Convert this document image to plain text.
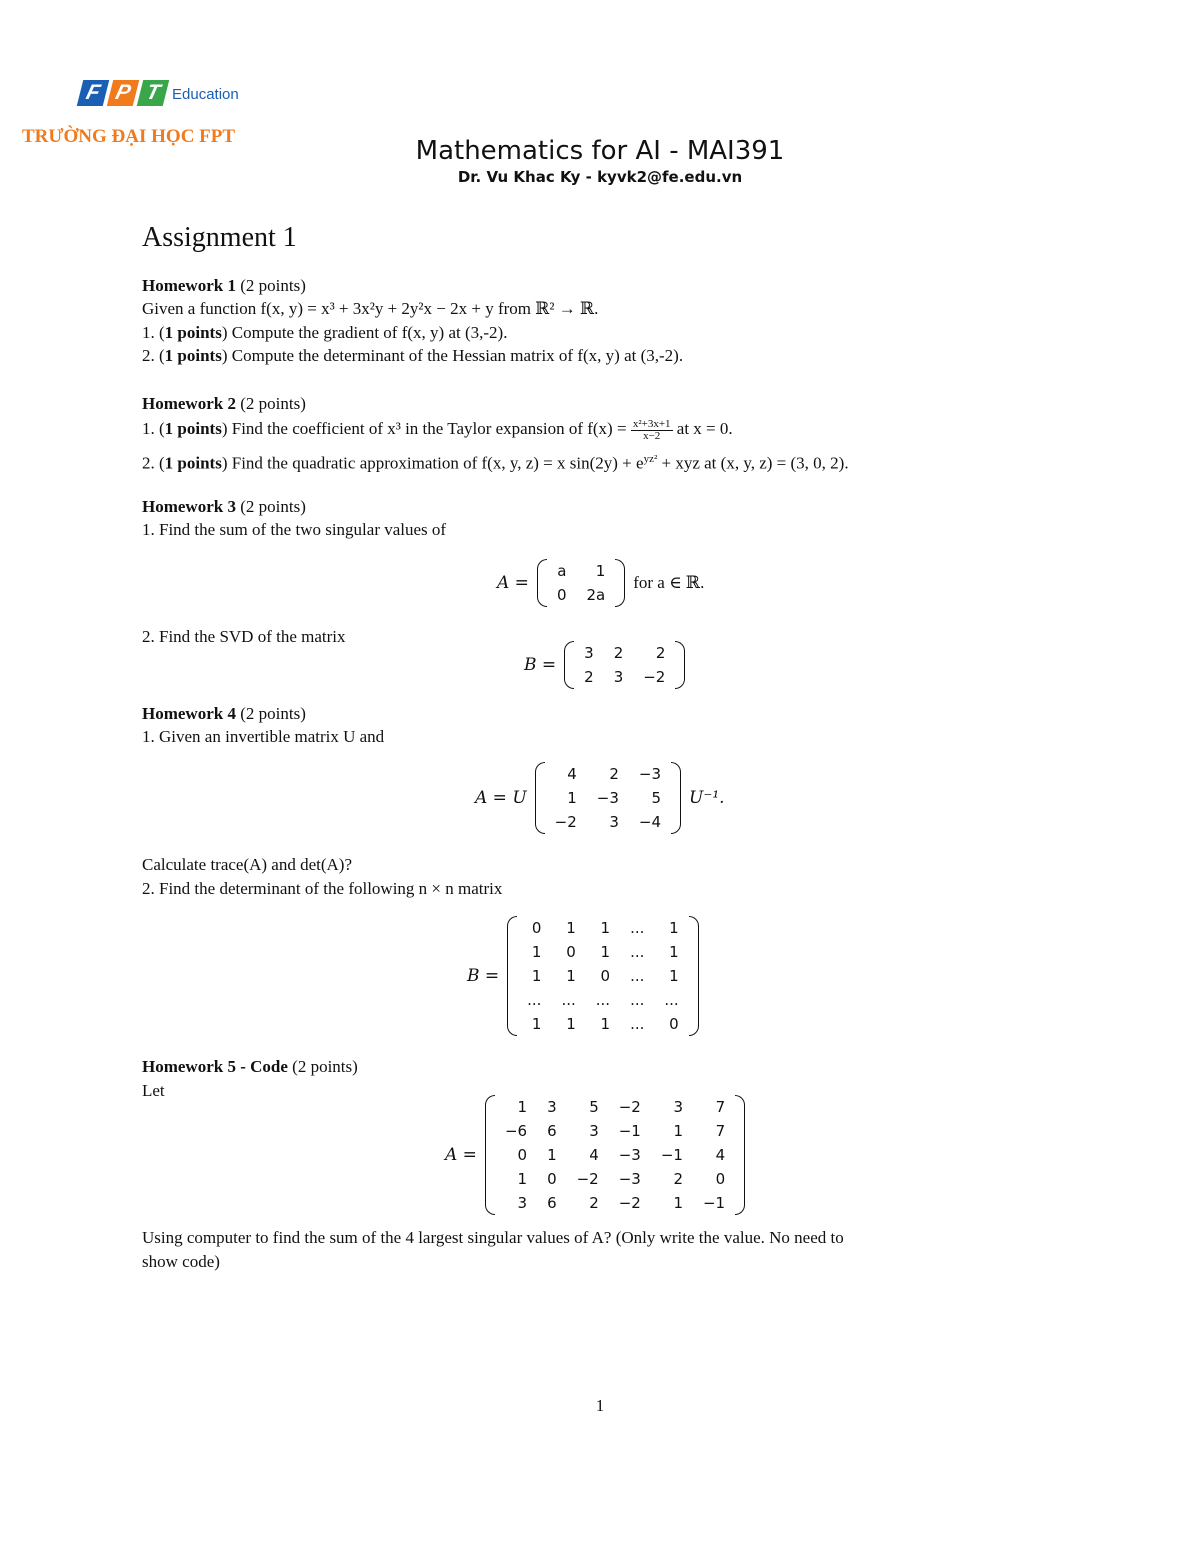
F P T Education
TRƯỜNG ĐẠI HỌC FPT	Mathematics for AI - MAI391
Dr. Vu Khac Ky - kyvk2@fe.edu.vn
Assignment 1
Homework 1 (2 points)
Given a function f(x, y) = x³ + 3x²y + 2y²x − 2x + y from ℝ² → ℝ.
1. (1 points) Compute the gradient of f(x, y) at (3,-2).
2. (1 points) Compute the determinant of the Hessian matrix of f(x, y) at (3,-2).
Homework 2 (2 points)
1. (1 points) Find the coefficient of x³ in the Taylor expansion of $f(x) = \frac{\text{x²+3x+1}}{x-2}$ at x = 0.
2. (1 points) Find the quadratic approximation of f(x, y, z) = x $\sin(2y) + e^{yz^2}$ + xyz at (x, y, z) = (3, 0, 2).
Homework 3 (2 points)
1. Find the sum of the two singular values of
A =
a	1
0	2a
for a ∈ ℝ.
2. Find the SVD of the matrix
B =
3	2	2
2	3	−2
Homework 4 (2 points)
1. Given an invertible matrix U and
A = U
4	2	−3
1	−3	5
−2	3	−4
U⁻¹.
Calculate trace(A) and det(A)?
2. Find the determinant of the following n × n matrix
B =
0	1	1	...	1
1	0	1	...	1
1	1	0	...	1
...	...	...	...	...
1	1	1	...	0
Homework 5 - Code (2 points)
Let
A =
1	3	5	−2	3	7
−6	6	3	−1	1	7
0	1	4	−3	−1	4
1	0	−2	−3	2	0
3	6	2	−2	1	−1
Using computer to find the sum of the 4 largest singular values of A? (Only write the value. No need to
show code)
1
